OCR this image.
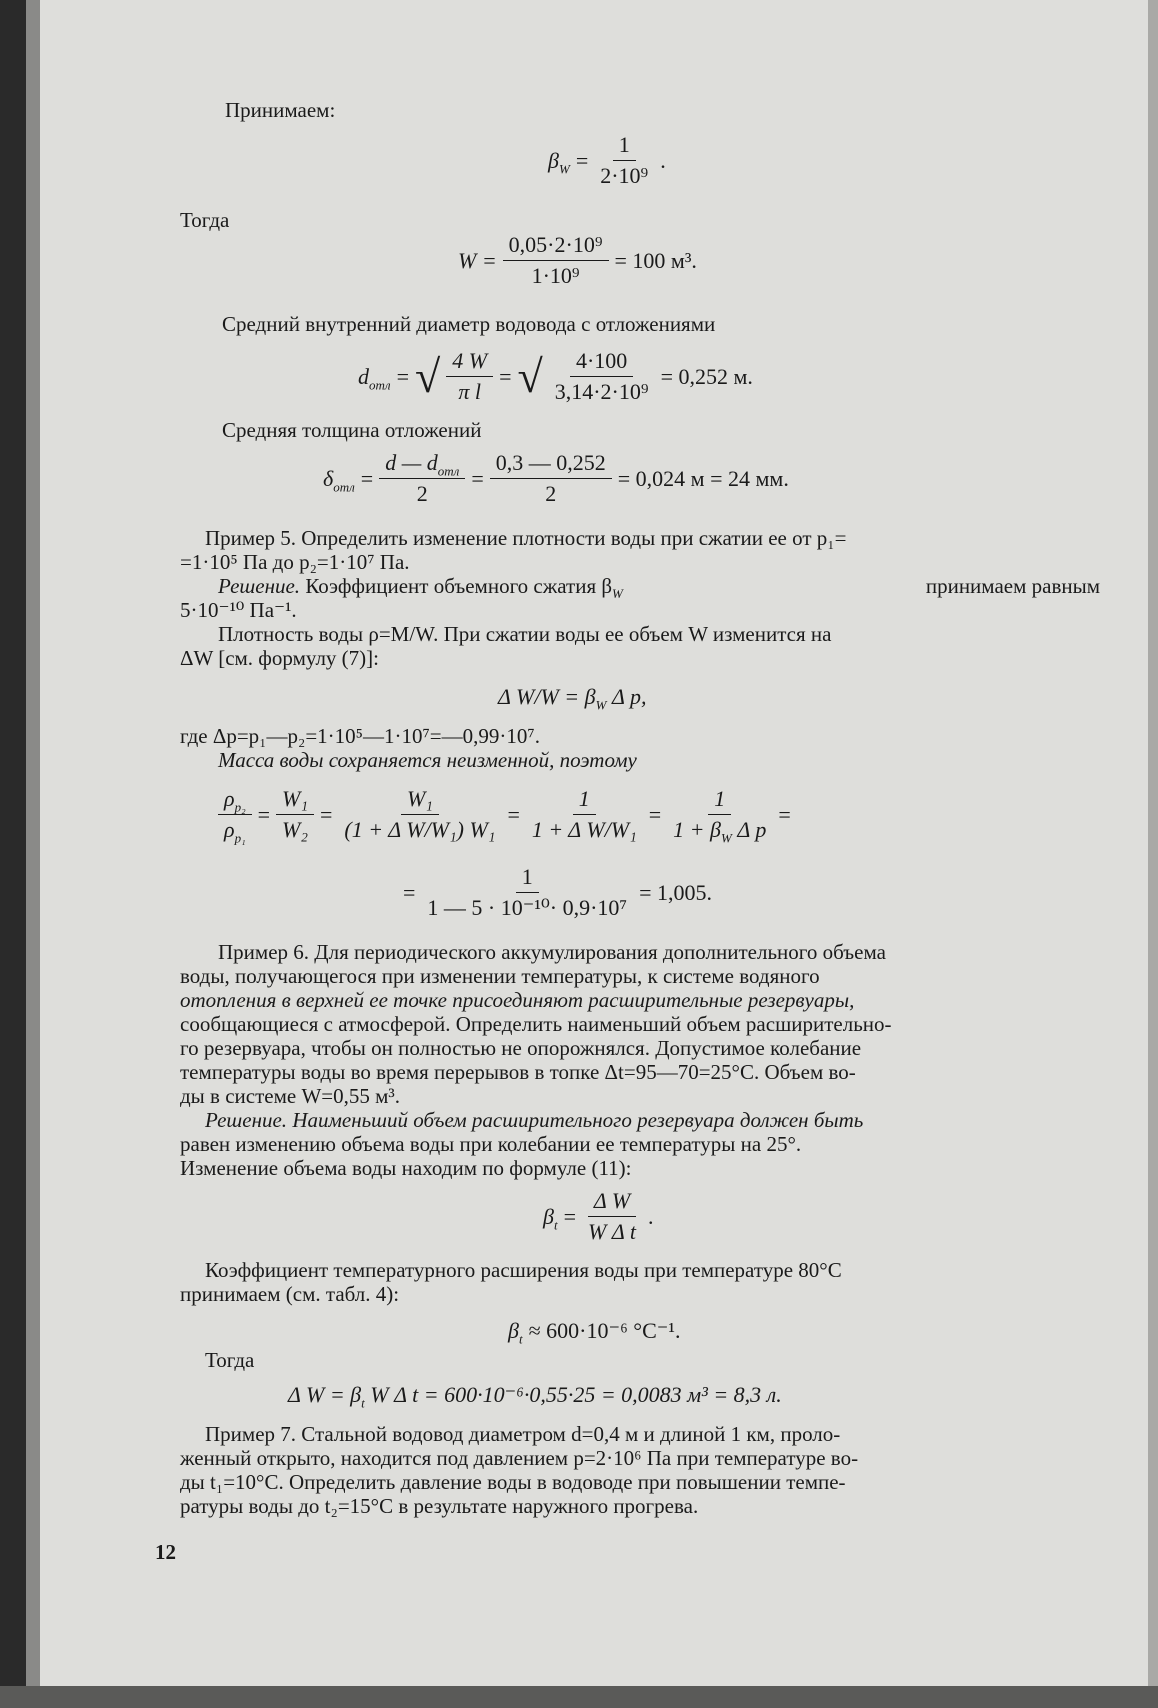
Принимаем:
$\beta_W = \frac{1}{\text{2·10⁹}}$ .
Тогда
$W = \frac{\text{0,05·2·10⁹}}{\text{1·10⁹}} = 100$ м³.
Средний внутренний диаметр водовода с отложениями
$d_{отл}$ = √ $\frac{4 W}{\text{π l}}$ = √ $\frac{4\cdot 100}{\text{3,14·2·10⁹}} = 0,252$ м.
Средняя толщина отложений
$\delta_{отл} = \frac{d — d_{отл}}{2} = \frac{0,3 — 0,252}{2} = 0,024$ м = 24 мм.
Пример 5. Определить изменение плотности воды при сжатии ее от p₁=
=1·10⁵ Па до p₂=1·10⁷ Па.
Решение. Коэффициент объемного сжатия $\beta_W$	принимаем равным
5·10⁻¹⁰ Па⁻¹.
Плотность воды ρ=M/W. При сжатии воды ее объем W изменится на
ΔW [см. формулу (7)]:
Δ $W/W = \beta_W$ Δ p,
где Δp=p₁—p₂=1·10⁵—1·10⁷=—0,99·10⁷.
Масса воды сохраняется неизменной, поэтому
$\frac{\rho_{p_2}}{\rho_{p_1}} = \frac{\text{W₁}}{\text{W₂}} = \frac{\text{W₁}}{\text{(1 + Δ W/W₁) W₁}} = \frac{1}{\text{1 + Δ W/W₁}} = \frac{1}{1 + \beta_W \Delta p}$ =
= $\frac{1}{\text{1 — 5 · 10⁻¹⁰· 0,9·10⁷}} = 1,005$.
Пример 6. Для периодического аккумулирования дополнительного объема
воды, получающегося при изменении температуры, к системе водяного
отопления в верхней ее точке присоединяют расширительные резервуары,
сообщающиеся с атмосферой. Определить наименьший объем расширительно-
го резервуара, чтобы он полностью не опорожнялся. Допустимое колебание
температуры воды во время перерывов в топке Δt=95—70=25°С. Объем во-
ды в системе W=0,55 м³.
Решение. Наименьший объем расширительного резервуара должен быть
равен изменению объема воды при колебании ее температуры на 25°.
Изменение объема воды находим по формуле (11):
$\beta_t = \frac{\text{Δ W}}{\text{W Δ t}}$ .
Коэффициент температурного расширения воды при температуре 80°С
принимаем (см. табл. 4):
$\beta_t \approx 600\cdot 10^{-6}$ °С⁻¹.
Тогда
Δ $W = \beta_t$ W Δ t = 600·10⁻⁶·0,55·25 = 0,0083 м³ = 8,3 л.
Пример 7. Стальной водовод диаметром d=0,4 м и длиной 1 км, проло-
женный открыто, находится под давлением p=2·10⁶ Па при температуре во-
ды t₁=10°С. Определить давление воды в водоводе при повышении темпе-
ратуры воды до t₂=15°С в результате наружного прогрева.
12
